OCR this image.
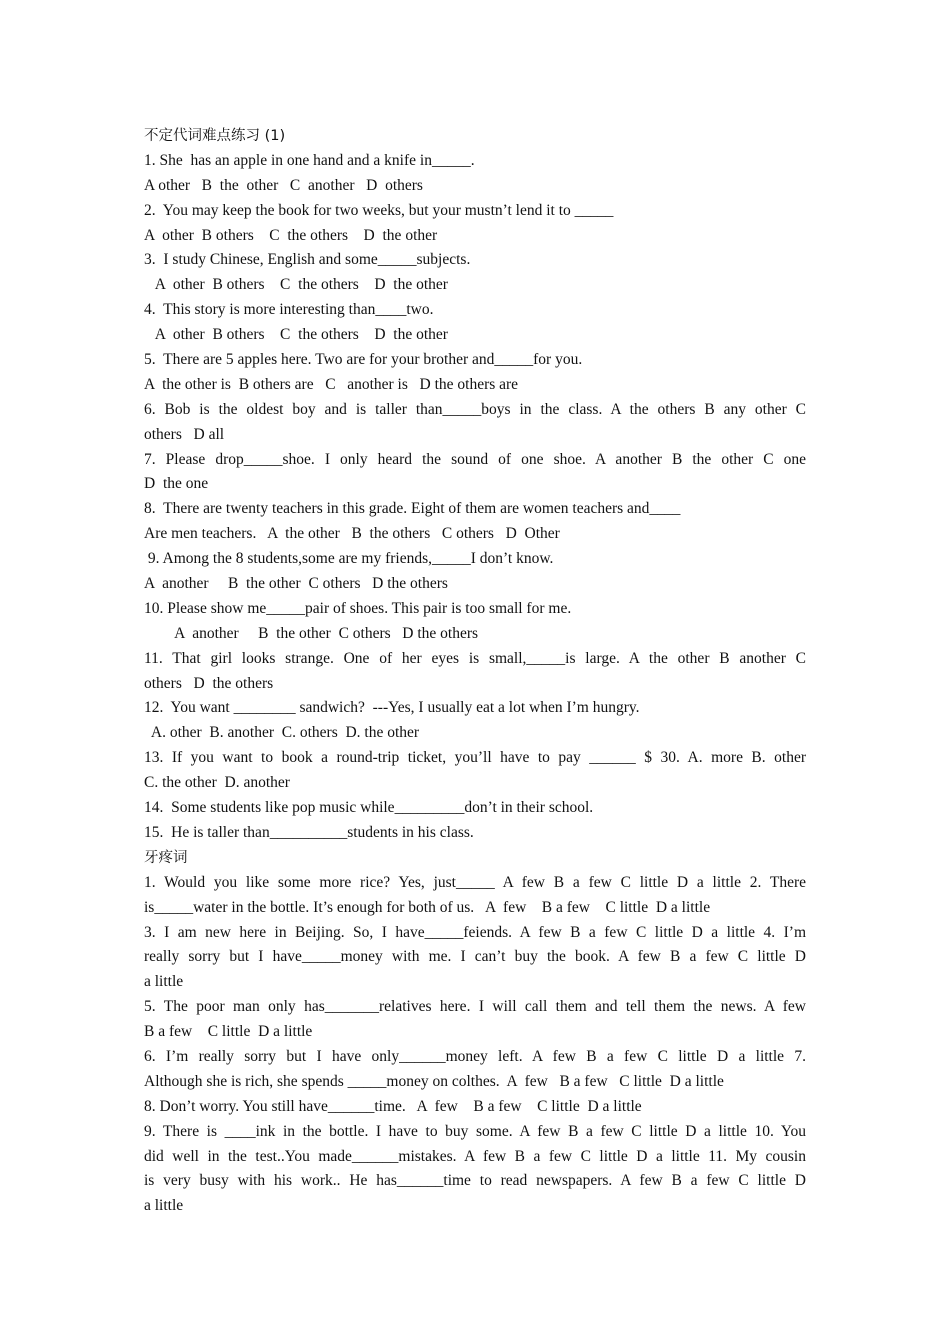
不定代词难点练习 (1)
1. She  has an apple in one hand and a knife in_____.
A other   B  the  other   C  another   D  others
2.  You may keep the book for two weeks, but your mustn’t lend it to _____
A  other  B others    C  the others    D  the other
3.  I study Chinese, English and some_____subjects.
A  other  B others    C  the others    D  the other
4.  This story is more interesting than____two.
A  other  B others    C  the others    D  the other
5.  There are 5 apples here. Two are for your brother and_____for you.
A  the other is  B others are   C   another is   D the others are
6. Bob is the oldest boy and is taller than_____boys in the class. A the others B any other C
others   D all
7. Please drop_____shoe. I only heard the sound of one shoe. A another B the other C one
D  the one
8.  There are twenty teachers in this grade. Eight of them are women teachers and____
Are men teachers.   A  the other   B  the others   C others   D  Other
9. Among the 8 students,some are my friends,_____I don’t know.
A  another     B  the other  C others   D the others
10. Please show me_____pair of shoes. This pair is too small for me.
A  another     B  the other  C others   D the others
11. That girl looks strange. One of her eyes is small,_____is large. A the other B another C
others   D  the others
12.  You want ________ sandwich?  ---Yes, I usually eat a lot when I’m hungry.
A. other  B. another  C. others  D. the other
13. If you want to book a round-trip ticket, you’ll have to pay ______ $ 30. A. more B. other
C. the other  D. another
14.  Some students like pop music while_________don’t in their school.
15.  He is taller than__________students in his class.
牙疼词
1. Would you like some more rice? Yes, just_____ A few B a few C little D a little 2. There
is_____water in the bottle. It’s enough for both of us.   A  few    B a few    C little  D a little
3. I am new here in Beijing. So, I have_____feiends. A few B a few C little D a little 4. I’m
really sorry but I have_____money with me. I can’t buy the book. A few B a few C little D
a little
5. The poor man only has_______relatives here. I will call them and tell them the news. A few
B a few    C little  D a little
6. I’m really sorry but I have only______money left. A few B a few C little D a little 7.
Although she is rich, she spends _____money on colthes.  A  few   B a few   C little  D a little
8. Don’t worry. You still have______time.   A  few    B a few    C little  D a little
9. There is ____ink in the bottle. I have to buy some. A few B a few C little D a little 10. You
did well in the test..You made______mistakes. A few B a few C little D a little 11. My cousin
is very busy with his work.. He has______time to read newspapers. A few B a few C little D
a little
